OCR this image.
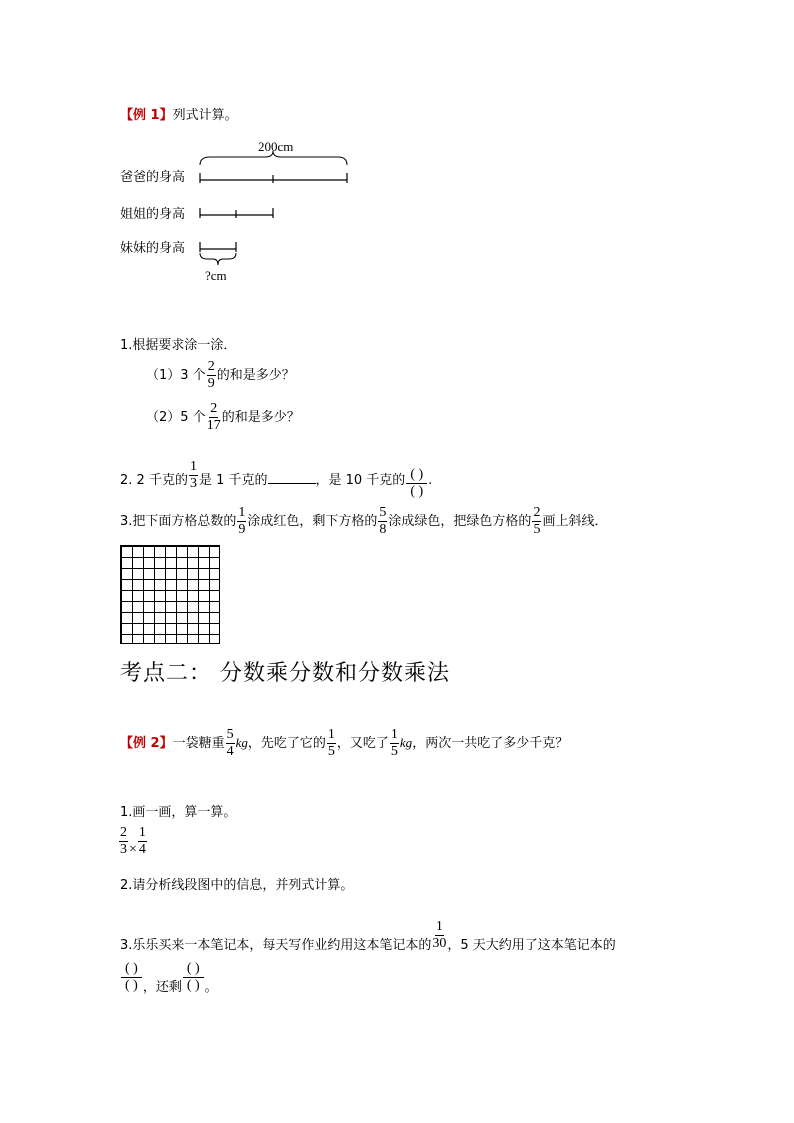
【例 1】列式计算。
爸爸的身高
姐姐的身高
妹妹的身高
200cm
?cm
1.根据要求涂一涂．
（1）3 个 $\frac{2}{9}$ 的和是多少？
（2）5 个 $\frac{2}{17}$ 的和是多少？
2. 2 千克的 $\frac{1}{3}$ 是 1 千克的	，是 10 千克的 $\frac{( )}{( )}$ .
3.把下面方格总数的 $\frac{1}{9}$ 涂成红色，剩下方格的 $\frac{5}{8}$ 涂成绿色，把绿色方格的 $\frac{2}{5}$ 画上斜线．
考点二： 分数乘分数和分数乘法
【例 2】一袋糖重 $\frac{5}{4}$ kg，先吃了它的 $\frac{1}{5}$ ，又吃了 $\frac{1}{5}$ kg，两次一共吃了多少千克？
1.画一画，算一算。
$\frac{2}{3} \times \frac{1}{4}$
2.请分析线段图中的信息，并列式计算。
3.乐乐买来一本笔记本，每天写作业约用这本笔记本的 $\frac{1}{30}$ ，5 天大约用了这本笔记本的
$\frac{( )}{( )}$ ，还剩 $\frac{( )}{( )}$ 。
